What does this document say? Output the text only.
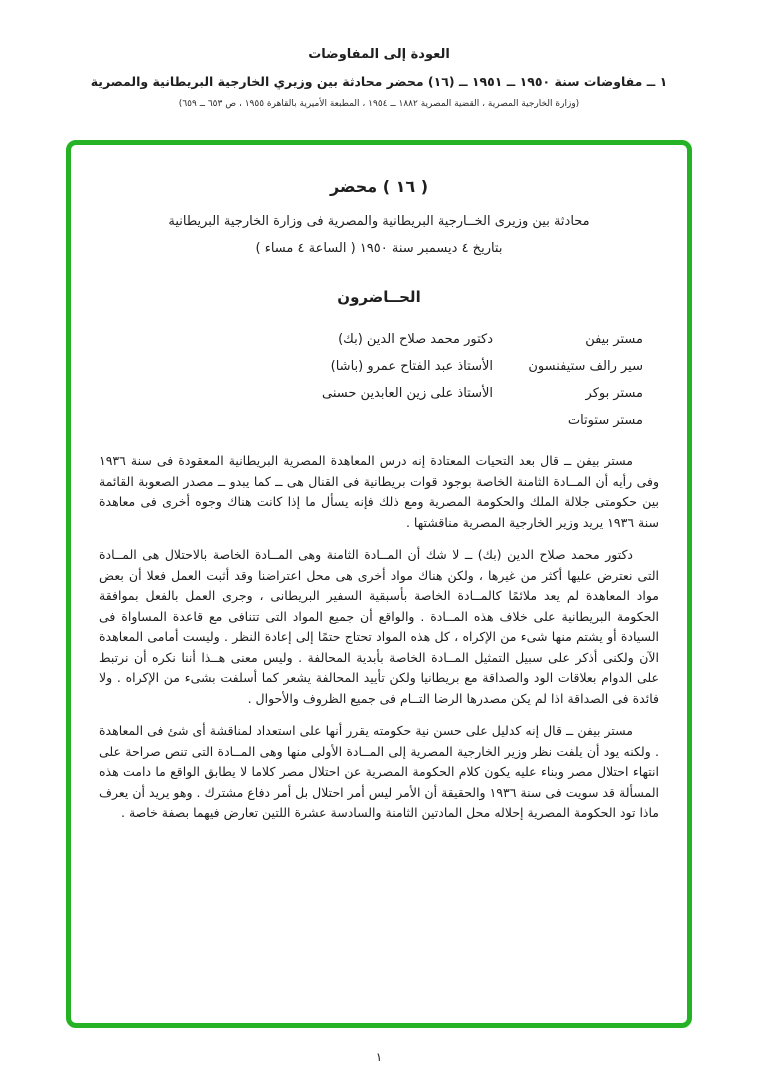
العودة إلى المفاوضات
١ ــ مفاوضات سنة ١٩٥٠ ــ ١٩٥١ ــ (١٦) محضر محادثة بين وزيري الخارجية البريطانية والمصرية
(وزارة الخارجية المصرية ، القضية المصرية ١٨٨٢ ــ ١٩٥٤ ، المطبعة الأميرية بالقاهرة ١٩٥٥ ، ص ٦٥٣ ــ ٦٥٩)
( ١٦ ) محضر
محادثة بين وزيرى الخــارجية البريطانية والمصرية فى وزارة الخارجية البريطانية
بتاريخ ٤ ديسمبر سنة ١٩٥٠ ( الساعة ٤ مساء )
الحــاضرون
مستر بيفن
دكتور محمد صلاح الدين (بك)
سير رالف ستيفنسون
الأستاذ عبد الفتاح عمرو (باشا)
مستر بوكر
الأستاذ على زين العابدين حسنى
مستر ستوتات

مستر بيفن ــ قال بعد التحيات المعتادة إنه درس المعاهدة المصرية البريطانية المعقودة فى سنة ١٩٣٦ وفى رأيه أن المــادة الثامنة الخاصة بوجود قوات بريطانية فى القنال هى ــ كما يبدو ــ مصدر الصعوبة القائمة بين حكومتى جلالة الملك والحكومة المصرية ومع ذلك فإنه يسأل ما إذا كانت هناك وجوه أخرى فى معاهدة سنة ١٩٣٦ يريد وزير الخارجية المصرية مناقشتها .

دكتور محمد صلاح الدين (بك) ــ لا شك أن المــادة الثامنة وهى المــادة الخاصة بالاحتلال هى المــادة التى نعترض عليها أكثر من غيرها ، ولكن هناك مواد أخرى هى محل اعتراضنا وقد أثبت العمل فعلا أن بعض مواد المعاهدة لم يعد ملائمًا كالمــادة الخاصة بأسبقية السفير البريطانى ، وجرى العمل بالفعل بموافقة الحكومة البريطانية على خلاف هذه المــادة . والواقع أن جميع المواد التى تتنافى مع قاعدة المساواة فى السيادة أو يشتم منها شىء من الإكراه ، كل هذه المواد تحتاج حتمًا إلى إعادة النظر . وليست أمامى المعاهدة الآن ولكنى أذكر على سبيل التمثيل المــادة الخاصة بأبدية المحالفة . وليس معنى هــذا أننا نكره أن نرتبط على الدوام بعلاقات الود والصداقة مع بريطانيا ولكن تأييد المحالفة يشعر كما أسلفت بشىء من الإكراه . ولا فائدة فى الصداقة اذا لم يكن مصدرها الرضا التــام فى جميع الظروف والأحوال .

مستر بيفن ــ قال إنه كدليل على حسن نية حكومته يقرر أنها على استعداد لمناقشة أى شئ فى المعاهدة . ولكنه يود أن يلفت نظر وزير الخارجية المصرية إلى المــادة الأولى منها وهى المــادة التى تنص صراحة على انتهاء احتلال مصر وبناء عليه يكون كلام الحكومة المصرية عن احتلال مصر كلاما لا يطابق الواقع ما دامت هذه المسألة قد سويت فى سنة ١٩٣٦ والحقيقة أن الأمر ليس أمر احتلال بل أمر دفاع مشترك . وهو يريد أن يعرف ماذا تود الحكومة المصرية إحلاله محل المادتين الثامنة والسادسة عشرة اللتين تعارض فيهما بصفة خاصة .

١
